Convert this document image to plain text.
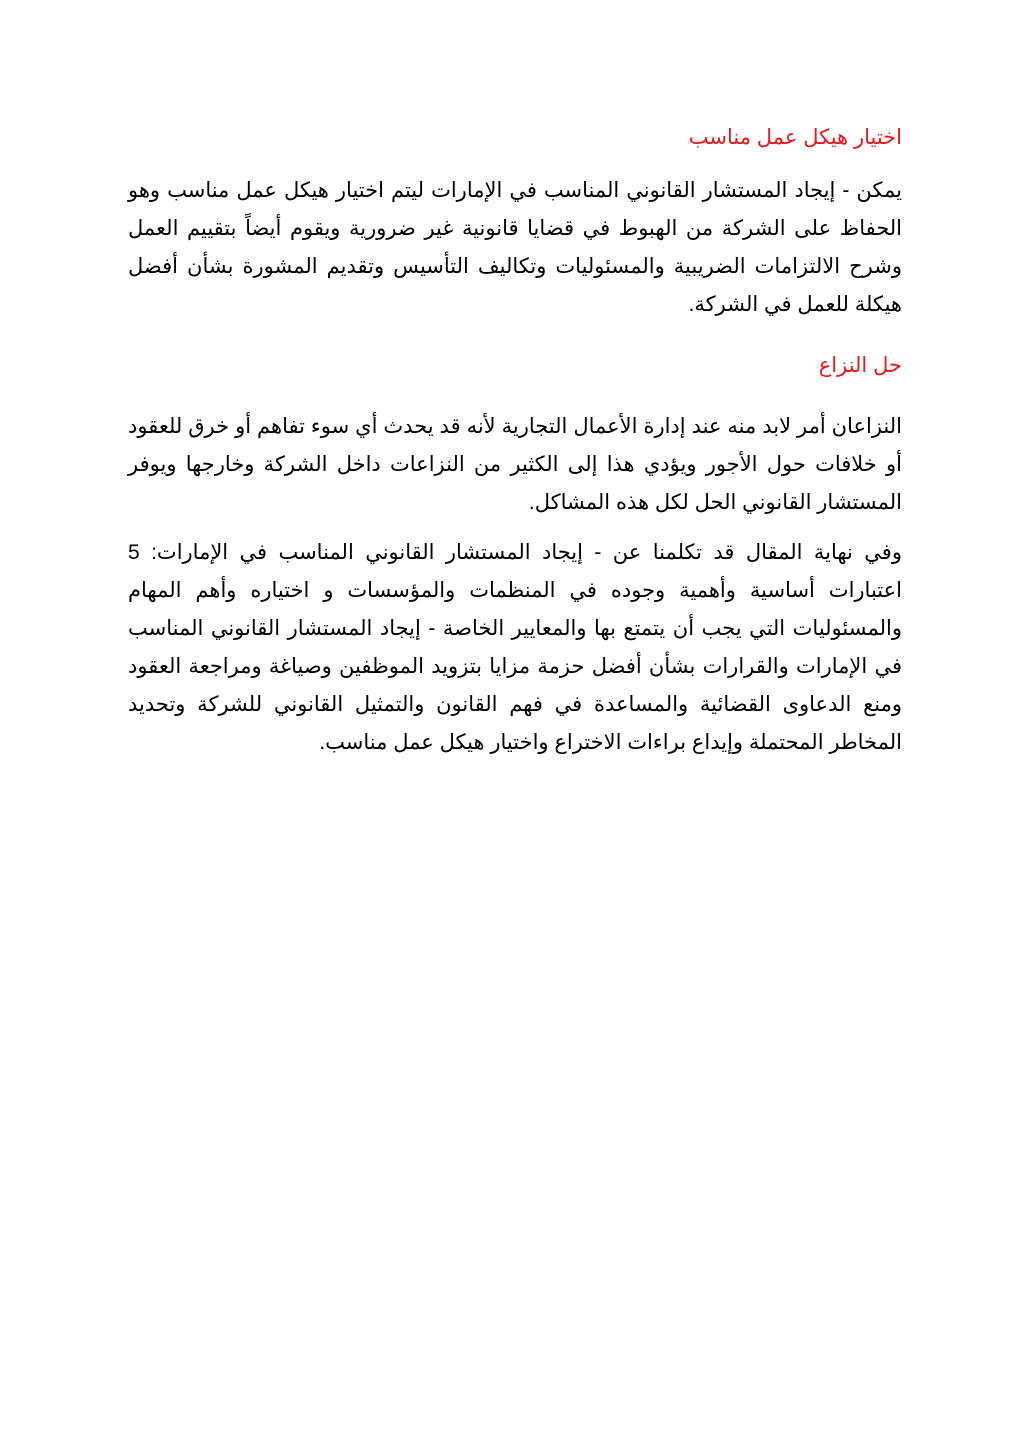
اختيار هيكل عمل مناسب

يمكن - إيجاد المستشار القانوني المناسب في الإمارات ليتم اختيار هيكل عمل مناسب وهو الحفاظ على الشركة من الهبوط في قضايا قانونية غير ضرورية ويقوم أيضاً بتقييم العمل وشرح الالتزامات الضريبية والمسئوليات وتكاليف التأسيس وتقديم المشورة بشأن أفضل هيكلة للعمل في الشركة.

حل النزاع

النزاعان أمر لابد منه عند إدارة الأعمال التجارية لأنه قد يحدث أي سوء تفاهم أو خرق للعقود أو خلافات حول الأجور ويؤدي هذا إلى الكثير من النزاعات داخل الشركة وخارجها ويوفر المستشار القانوني الحل لكل هذه المشاكل.

وفي نهاية المقال قد تكلمنا عن - إيجاد المستشار القانوني المناسب في الإمارات: 5 اعتبارات أساسية وأهمية وجوده في المنظمات والمؤسسات و اختياره وأهم المهام والمسئوليات التي يجب أن يتمتع بها والمعايير الخاصة - إيجاد المستشار القانوني المناسب في الإمارات والقرارات بشأن أفضل حزمة مزايا بتزويد الموظفين وصياغة ومراجعة العقود ومنع الدعاوى القضائية والمساعدة في فهم القانون والتمثيل القانوني للشركة وتحديد المخاطر المحتملة وإيداع براءات الاختراع واختيار هيكل عمل مناسب.
